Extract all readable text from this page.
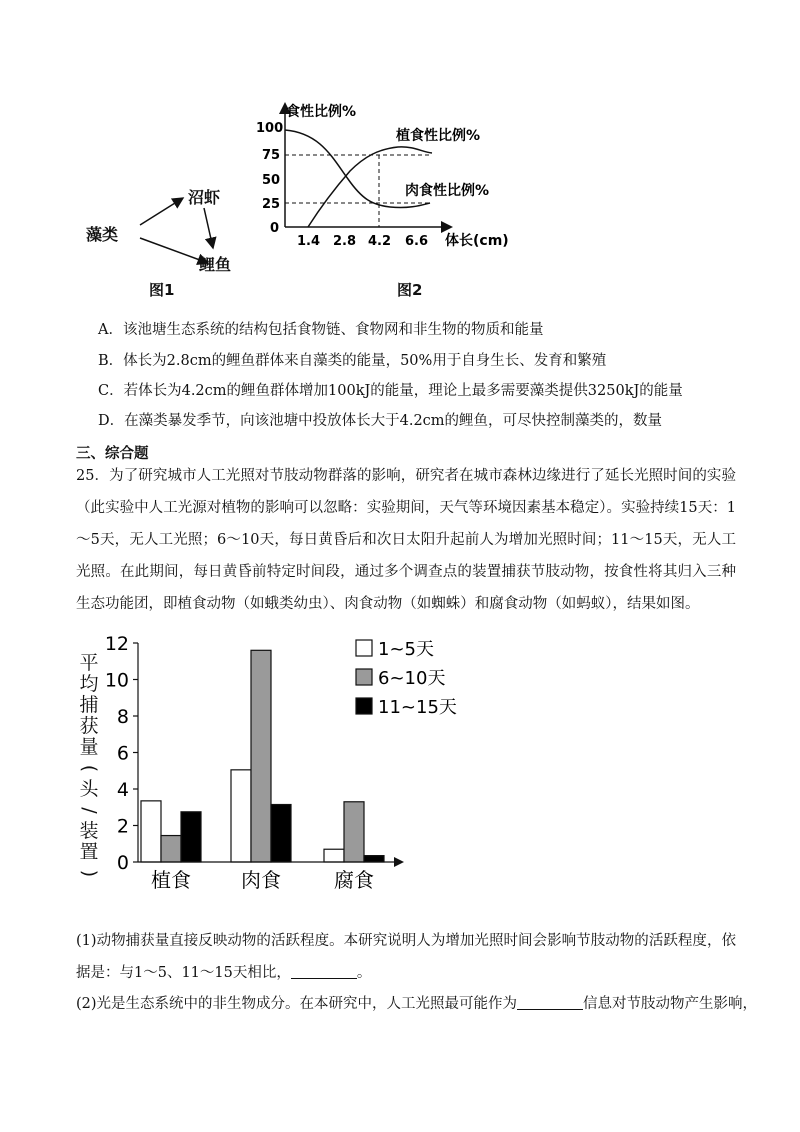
藻类
沼虾
鲤鱼
图1
100
75
50
25
0
1.4 2.8 4.2 6.6
食性比例%
体长(cm)
植食性比例%
肉食性比例%
图2
A．该池塘生态系统的结构包括食物链、食物网和非生物的物质和能量
B．体长为2.8cm的鲤鱼群体来自藻类的能量，50%用于自身生长、发育和繁殖
C．若体长为4.2cm的鲤鱼群体增加100kJ的能量，理论上最多需要藻类提供3250kJ的能量
D．在藻类暴发季节，向该池塘中投放体长大于4.2cm的鲤鱼，可尽快控制藻类的，数量
三、综合题

25．为了研究城市人工光照对节肢动物群落的影响，研究者在城市森林边缘进行了延长光照时间的实验（此实验中人工光源对植物的影响可以忽略：实验期间，天气等环境因素基本稳定）。实验持续15天：1～5天，无人工光照；6～10天，每日黄昏后和次日太阳升起前人为增加光照时间；11～15天，无人工光照。在此期间，每日黄昏前特定时间段，通过多个调查点的装置捕获节肢动物，按食性将其归入三种生态功能团，即植食动物（如蛾类幼虫）、肉食动物（如蜘蛛）和腐食动物（如蚂蚁），结果如图。

0
2
4
6
8
10
12
植食	肉食	腐食
1~5天
6~10天
11~15天
平
均
捕
获
量
(
头
/
装
置
)

(1)动物捕获量直接反映动物的活跃程度。本研究说明人为增加光照时间会影响节肢动物的活跃程度，依据是：与1～5、11～15天相比，	。

(2)光是生态系统中的非生物成分。在本研究中，人工光照最可能作为	信息对节肢动物产生影响，
